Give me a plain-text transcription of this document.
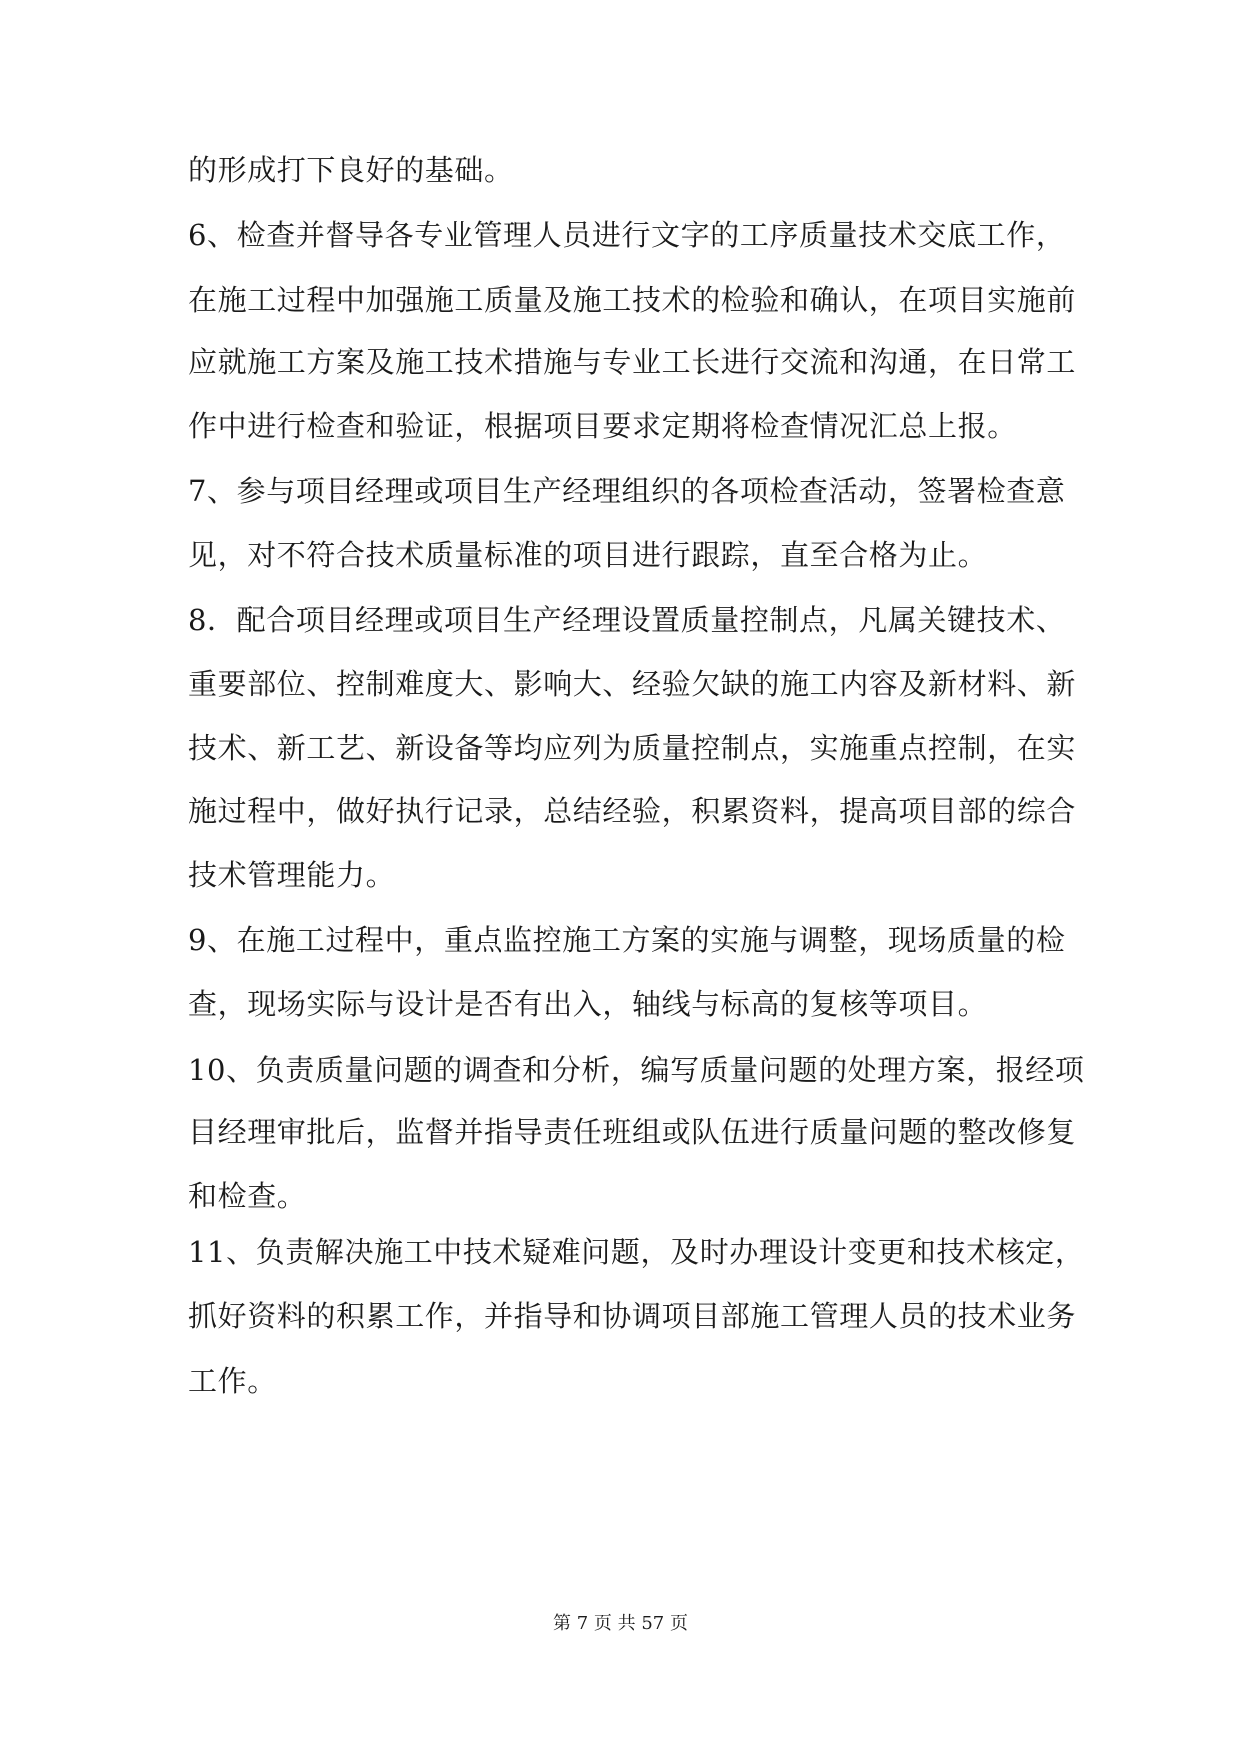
的形成打下良好的基础。
6、检查并督导各专业管理人员进行文字的工序质量技术交底工作，
在施工过程中加强施工质量及施工技术的检验和确认，在项目实施前
应就施工方案及施工技术措施与专业工长进行交流和沟通，在日常工
作中进行检查和验证，根据项目要求定期将检查情况汇总上报。
7、参与项目经理或项目生产经理组织的各项检查活动，签署检查意
见，对不符合技术质量标准的项目进行跟踪，直至合格为止。
8．配合项目经理或项目生产经理设置质量控制点，凡属关键技术、
重要部位、控制难度大、影响大、经验欠缺的施工内容及新材料、新
技术、新工艺、新设备等均应列为质量控制点，实施重点控制，在实
施过程中，做好执行记录，总结经验，积累资料，提高项目部的综合
技术管理能力。
9、在施工过程中，重点监控施工方案的实施与调整，现场质量的检
查，现场实际与设计是否有出入，轴线与标高的复核等项目。
10、负责质量问题的调查和分析，编写质量问题的处理方案，报经项
目经理审批后，监督并指导责任班组或队伍进行质量问题的整改修复
和检查。
11、负责解决施工中技术疑难问题，及时办理设计变更和技术核定，
抓好资料的积累工作，并指导和协调项目部施工管理人员的技术业务
工作。
第 7 页 共 57 页
